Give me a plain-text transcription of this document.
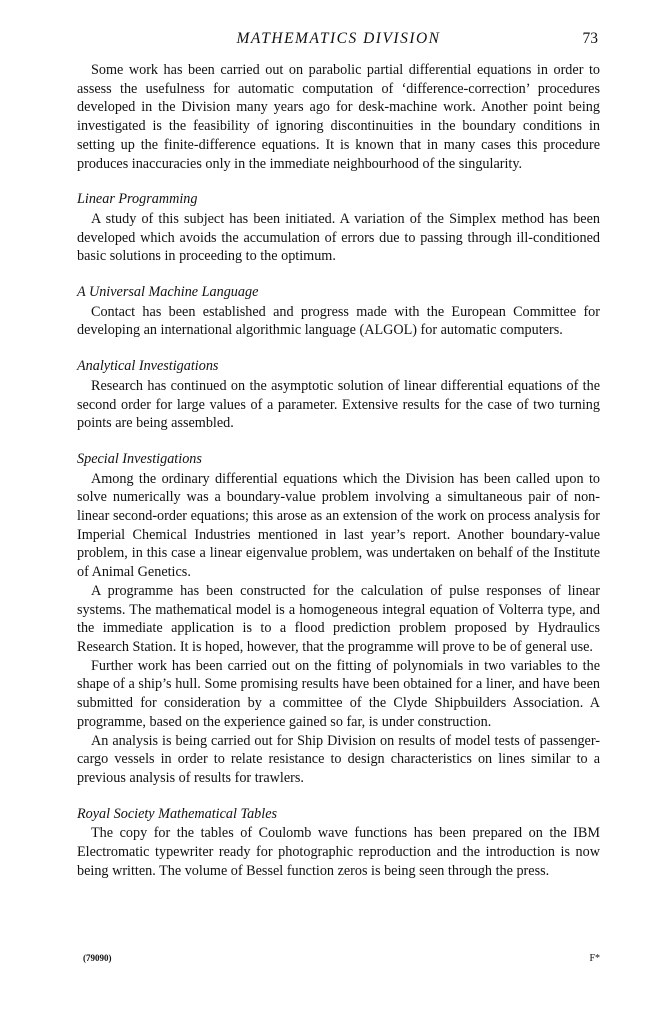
MATHEMATICS DIVISION	73

Some work has been carried out on parabolic partial differential equations in order to assess the usefulness for automatic computation of ‘difference-correction’ procedures developed in the Division many years ago for desk-machine work. Another point being investigated is the feasibility of ignoring discontinuities in the boundary conditions in setting up the finite-difference equations. It is known that in many cases this procedure produces inaccuracies only in the immediate neighbourhood of the singularity.

Linear Programming

A study of this subject has been initiated. A variation of the Simplex method has been developed which avoids the accumulation of errors due to passing through ill-conditioned basic solutions in proceeding to the optimum.

A Universal Machine Language

Contact has been established and progress made with the European Committee for developing an international algorithmic language (ALGOL) for automatic computers.

Analytical Investigations

Research has continued on the asymptotic solution of linear differential equations of the second order for large values of a parameter. Extensive results for the case of two turning points are being assembled.

Special Investigations

Among the ordinary differential equations which the Division has been called upon to solve numerically was a boundary-value problem involving a simultaneous pair of non-linear second-order equations; this arose as an extension of the work on process analysis for Imperial Chemical Industries mentioned in last year’s report. Another boundary-value problem, in this case a linear eigenvalue problem, was undertaken on behalf of the Institute of Animal Genetics.

A programme has been constructed for the calculation of pulse responses of linear systems. The mathematical model is a homogeneous integral equation of Volterra type, and the immediate application is to a flood prediction problem proposed by Hydraulics Research Station. It is hoped, however, that the programme will prove to be of general use.

Further work has been carried out on the fitting of polynomials in two variables to the shape of a ship’s hull. Some promising results have been obtained for a liner, and have been submitted for consideration by a committee of the Clyde Shipbuilders Association. A programme, based on the experience gained so far, is under construction.

An analysis is being carried out for Ship Division on results of model tests of passenger-cargo vessels in order to relate resistance to design characteristics on lines similar to a previous analysis of results for trawlers.

Royal Society Mathematical Tables

The copy for the tables of Coulomb wave functions has been prepared on the IBM Electromatic typewriter ready for photographic reproduction and the introduction is now being written. The volume of Bessel function zeros is being seen through the press.

(79090)	F*
